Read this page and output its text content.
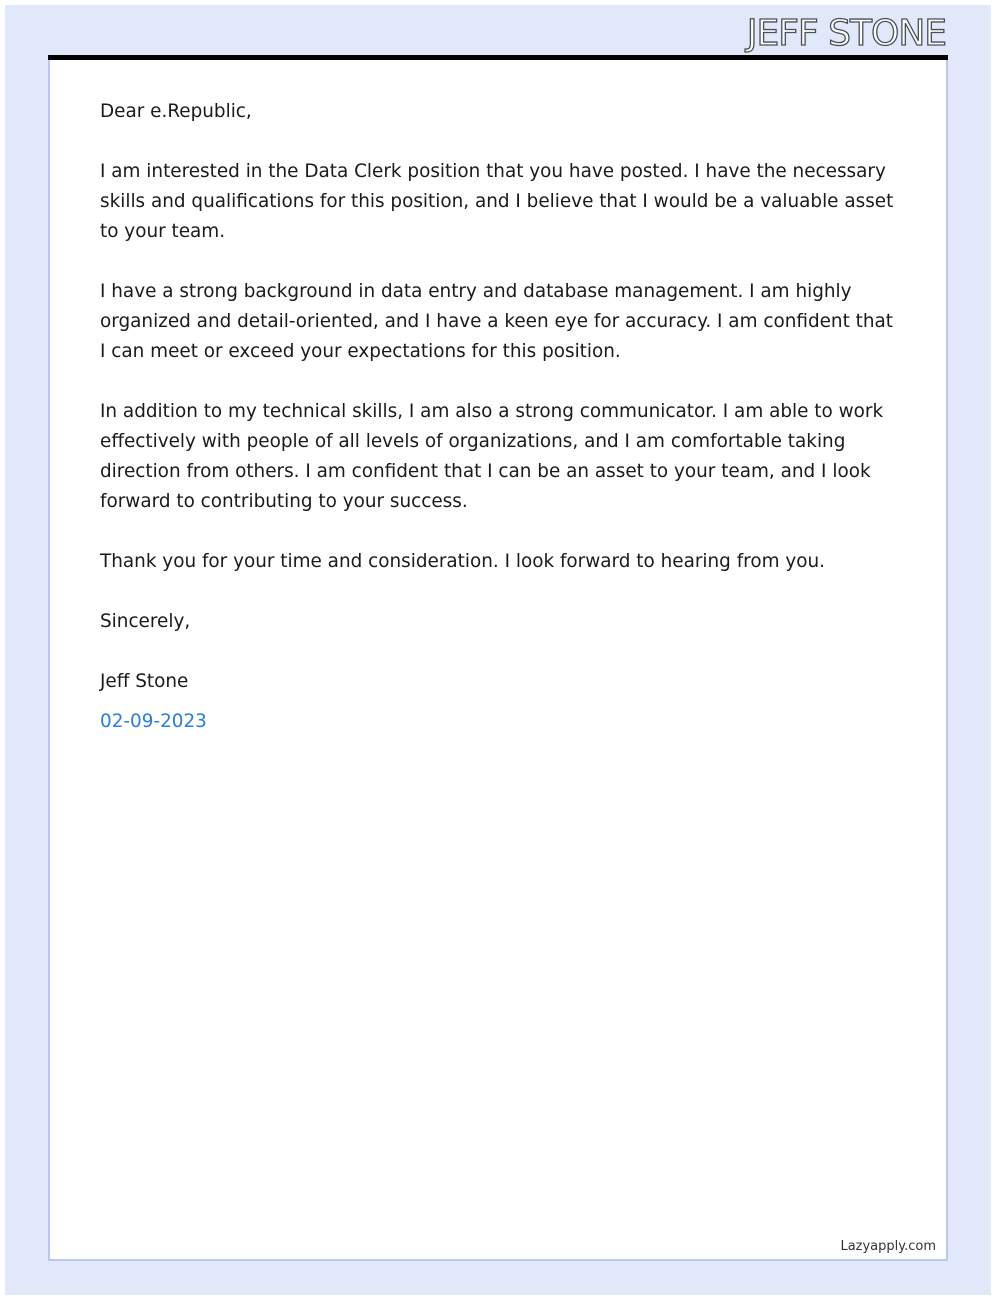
JEFF STONE

Dear e.Republic,

I am interested in the Data Clerk position that you have posted. I have the necessary skills and qualifications for this position, and I believe that I would be a valuable asset to your team.

I have a strong background in data entry and database management. I am highly organized and detail-oriented, and I have a keen eye for accuracy. I am confident that I can meet or exceed your expectations for this position.

In addition to my technical skills, I am also a strong communicator. I am able to work effectively with people of all levels of organizations, and I am comfortable taking direction from others. I am confident that I can be an asset to your team, and I look forward to contributing to your success.

Thank you for your time and consideration. I look forward to hearing from you.

Sincerely,

Jeff Stone

02-09-2023

Lazyapply.com
